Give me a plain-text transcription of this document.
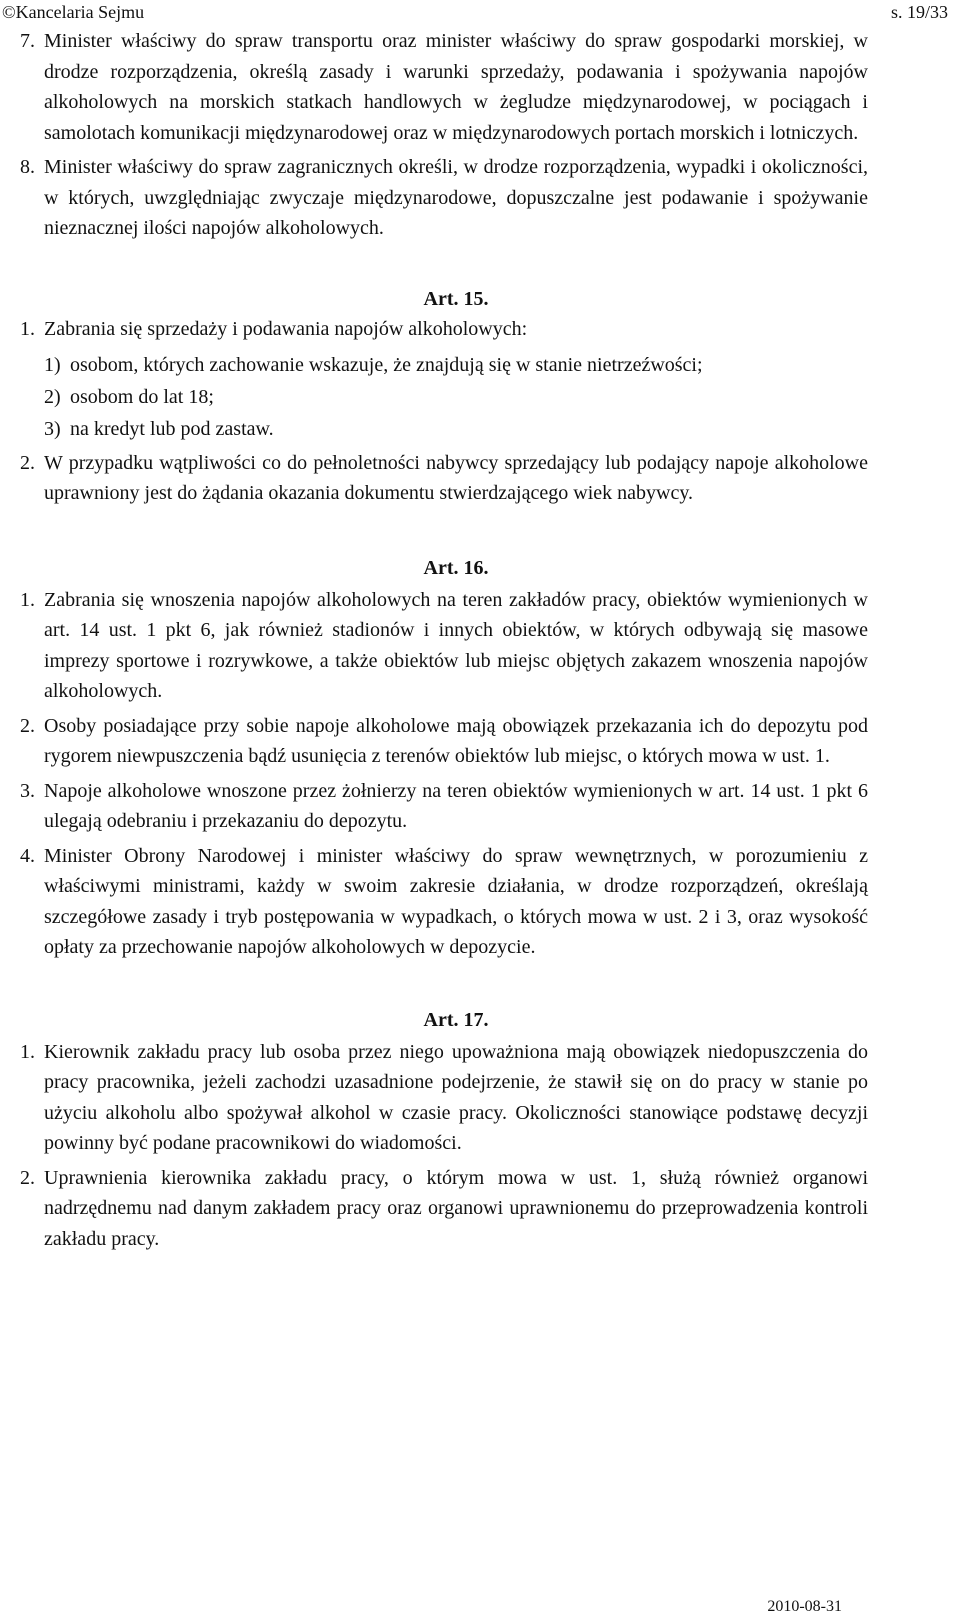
©Kancelaria Sejmu	s. 19/33

7. Minister właściwy do spraw transportu oraz minister właściwy do spraw gospodarki morskiej, w drodze rozporządzenia, określą zasady i warunki sprzedaży, podawania i spożywania napojów alkoholowych na morskich statkach handlowych w żegludze międzynarodowej, w pociągach i samolotach komunikacji międzynarodowej oraz w międzynarodowych portach morskich i lotniczych.

8. Minister właściwy do spraw zagranicznych określi, w drodze rozporządzenia, wypadki i okoliczności, w których, uwzględniając zwyczaje międzynarodowe, dopuszczalne jest podawanie i spożywanie nieznacznej ilości napojów alkoholowych.

Art. 15.

1. Zabrania się sprzedaży i podawania napojów alkoholowych:

1) osobom, których zachowanie wskazuje, że znajdują się w stanie nietrzeźwości;

2) osobom do lat 18;

3) na kredyt lub pod zastaw.

2. W przypadku wątpliwości co do pełnoletności nabywcy sprzedający lub podający napoje alkoholowe uprawniony jest do żądania okazania dokumentu stwierdzającego wiek nabywcy.

Art. 16.

1. Zabrania się wnoszenia napojów alkoholowych na teren zakładów pracy, obiektów wymienionych w art. 14 ust. 1 pkt 6, jak również stadionów i innych obiektów, w których odbywają się masowe imprezy sportowe i rozrywkowe, a także obiektów lub miejsc objętych zakazem wnoszenia napojów alkoholowych.

2. Osoby posiadające przy sobie napoje alkoholowe mają obowiązek przekazania ich do depozytu pod rygorem niewpuszczenia bądź usunięcia z terenów obiektów lub miejsc, o których mowa w ust. 1.

3. Napoje alkoholowe wnoszone przez żołnierzy na teren obiektów wymienionych w art. 14 ust. 1 pkt 6 ulegają odebraniu i przekazaniu do depozytu.

4. Minister Obrony Narodowej i minister właściwy do spraw wewnętrznych, w porozumieniu z właściwymi ministrami, każdy w swoim zakresie działania, w drodze rozporządzeń, określają szczegółowe zasady i tryb postępowania w wypadkach, o których mowa w ust. 2 i 3, oraz wysokość opłaty za przechowanie napojów alkoholowych w depozycie.

Art. 17.

1. Kierownik zakładu pracy lub osoba przez niego upoważniona mają obowiązek niedopuszczenia do pracy pracownika, jeżeli zachodzi uzasadnione podejrzenie, że stawił się on do pracy w stanie po użyciu alkoholu albo spożywał alkohol w czasie pracy. Okoliczności stanowiące podstawę decyzji powinny być podane pracownikowi do wiadomości.

2. Uprawnienia kierownika zakładu pracy, o którym mowa w ust. 1, służą również organowi nadrzędnemu nad danym zakładem pracy oraz organowi uprawnionemu do przeprowadzenia kontroli zakładu pracy.

2010-08-31
